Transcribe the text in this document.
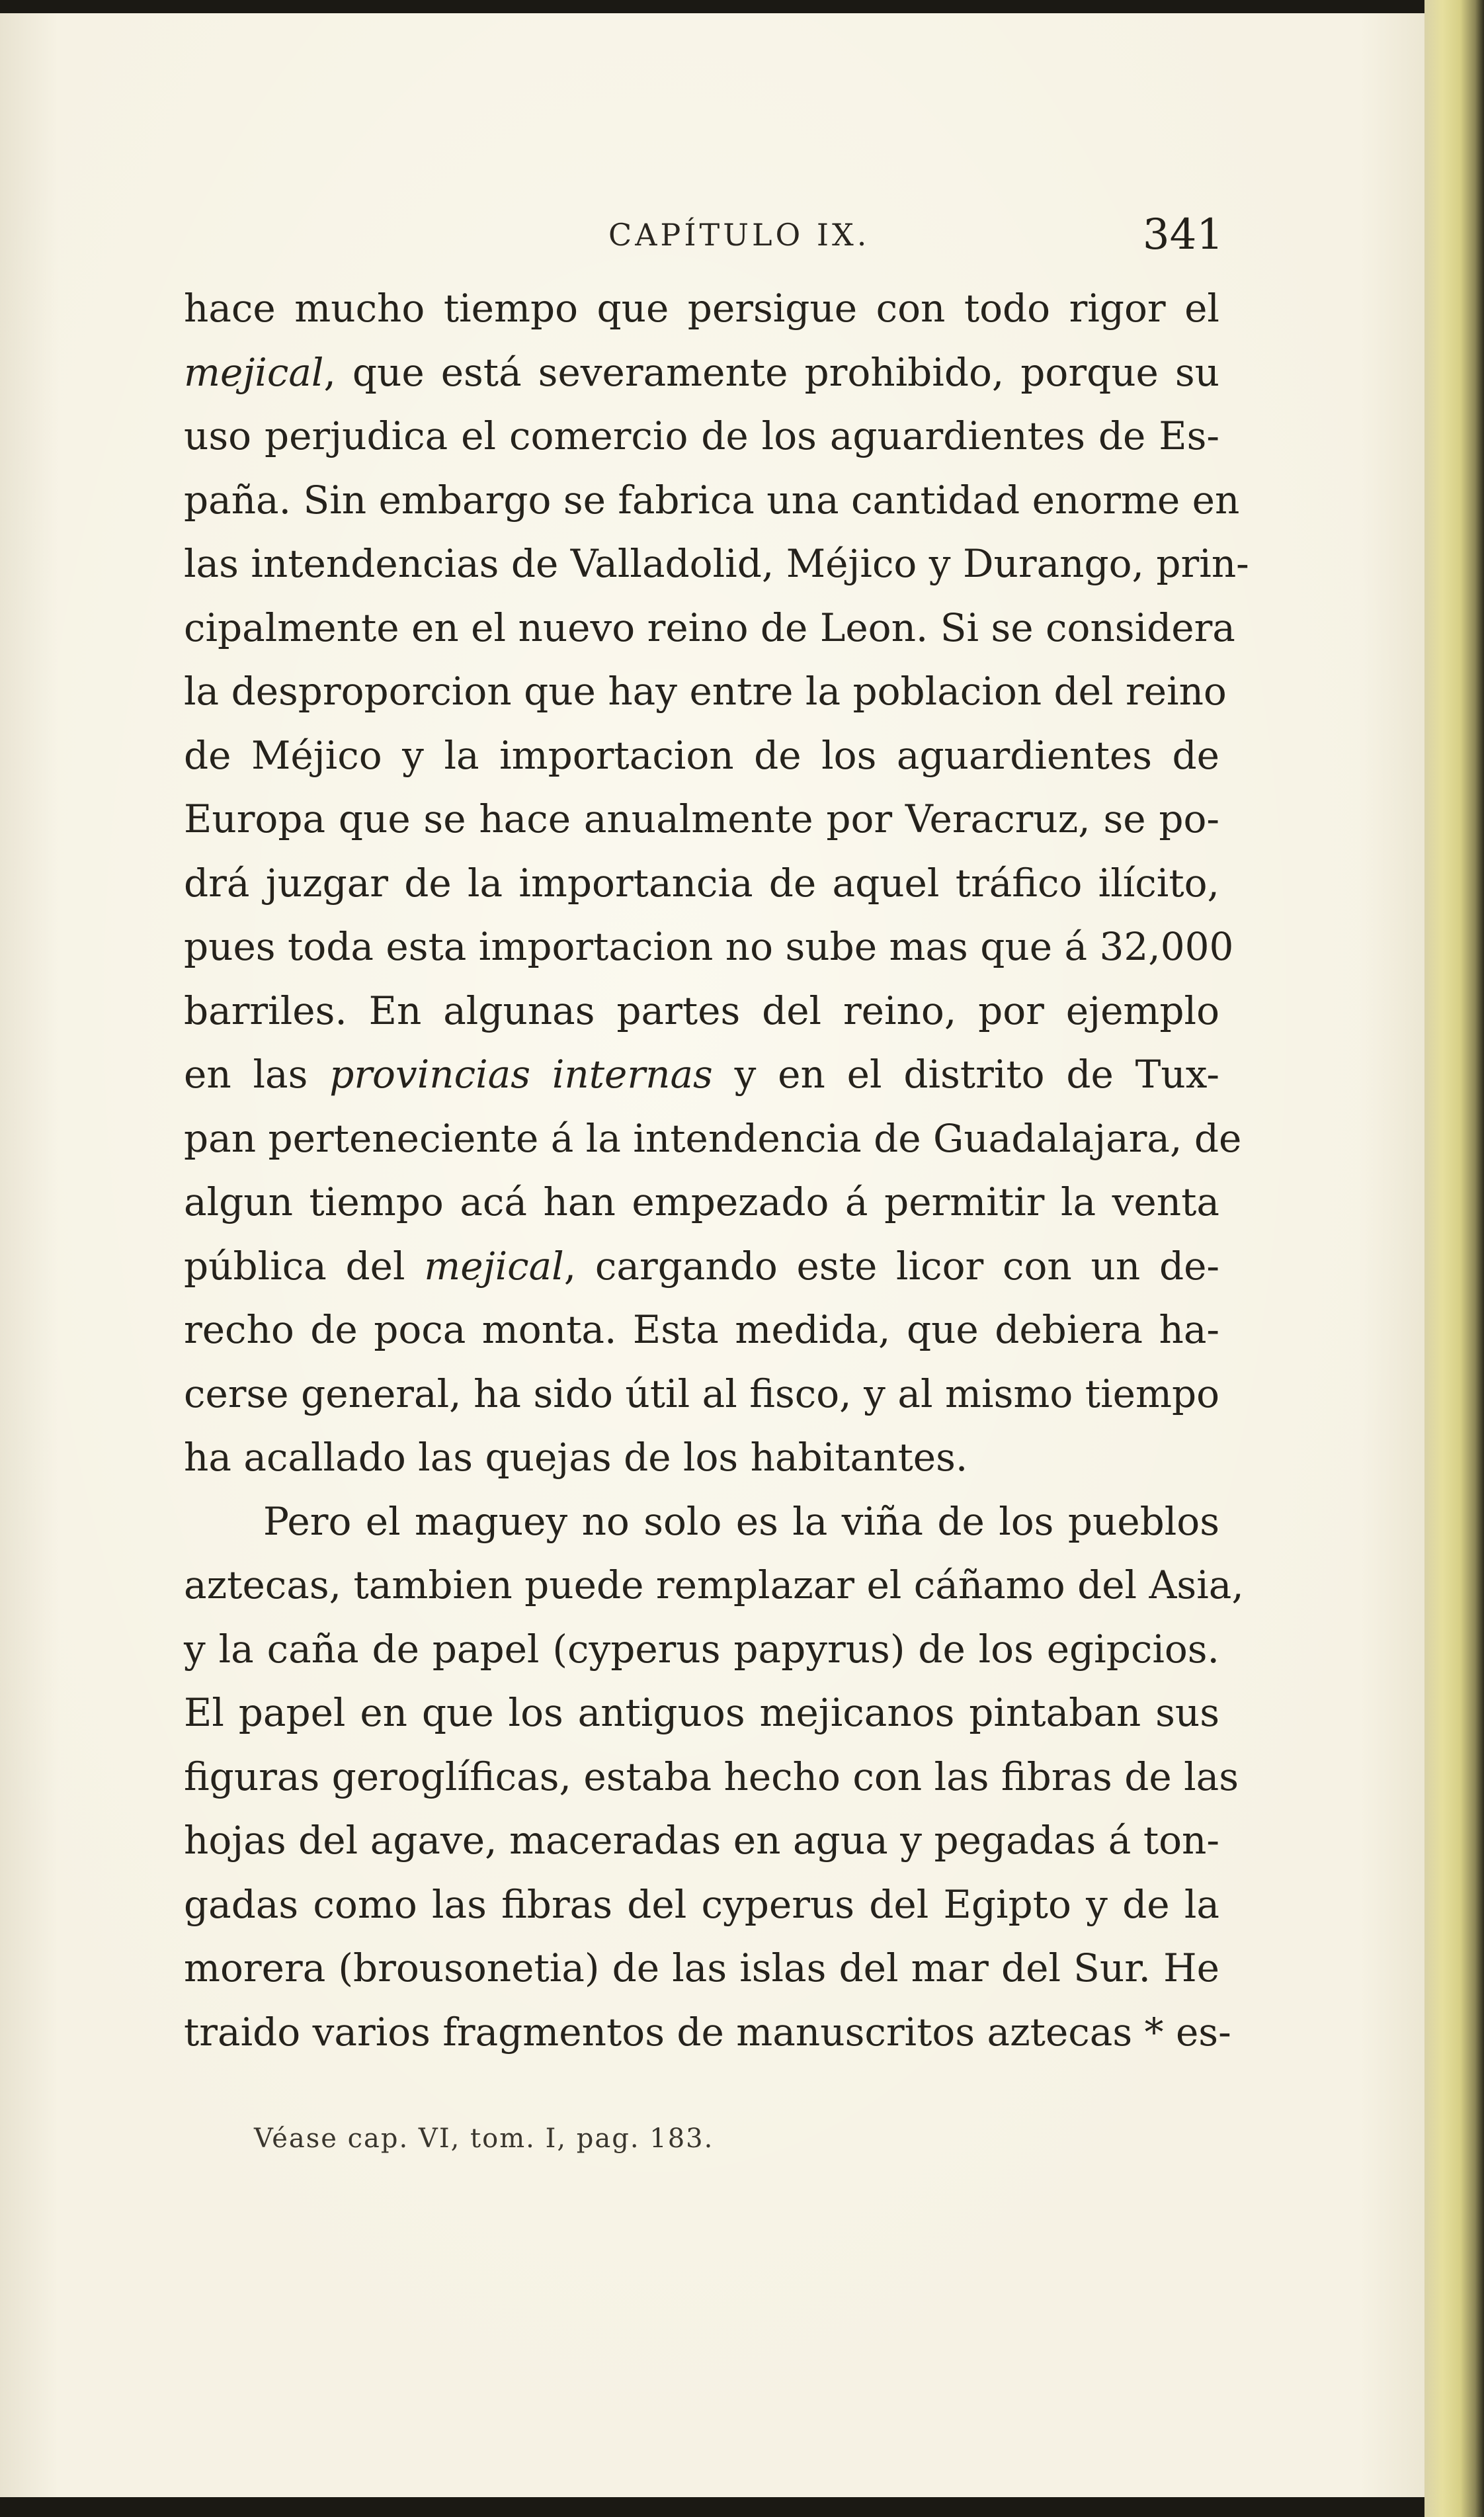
CAPÍTULO IX.	341
hace mucho tiempo que persigue con todo rigor el
mejical, que está severamente prohibido, porque su
uso perjudica el comercio de los aguardientes de Es-
paña. Sin embargo se fabrica una cantidad enorme en
las intendencias de Valladolid, Méjico y Durango, prin-
cipalmente en el nuevo reino de Leon. Si se considera
la desproporcion que hay entre la poblacion del reino
de Méjico y la importacion de los aguardientes de
Europa que se hace anualmente por Veracruz, se po-
drá juzgar de la importancia de aquel tráfico ilícito,
pues toda esta importacion no sube mas que á 32,000
barriles. En algunas partes del reino, por ejemplo
en las provincias internas y en el distrito de Tux-
pan perteneciente á la intendencia de Guadalajara, de
algun tiempo acá han empezado á permitir la venta
pública del mejical, cargando este licor con un de-
recho de poca monta. Esta medida, que debiera ha-
cerse general, ha sido útil al fisco, y al mismo tiempo
ha acallado las quejas de los habitantes.
Pero el maguey no solo es la viña de los pueblos
aztecas, tambien puede remplazar el cáñamo del Asia,
y la caña de papel (cyperus papyrus) de los egipcios.
El papel en que los antiguos mejicanos pintaban sus
figuras geroglíficas, estaba hecho con las fibras de las
hojas del agave, maceradas en agua y pegadas á ton-
gadas como las fibras del cyperus del Egipto y de la
morera (brousonetia) de las islas del mar del Sur. He
traido varios fragmentos de manuscritos aztecas * es-
Véase cap. VI, tom. I, pag. 183.
